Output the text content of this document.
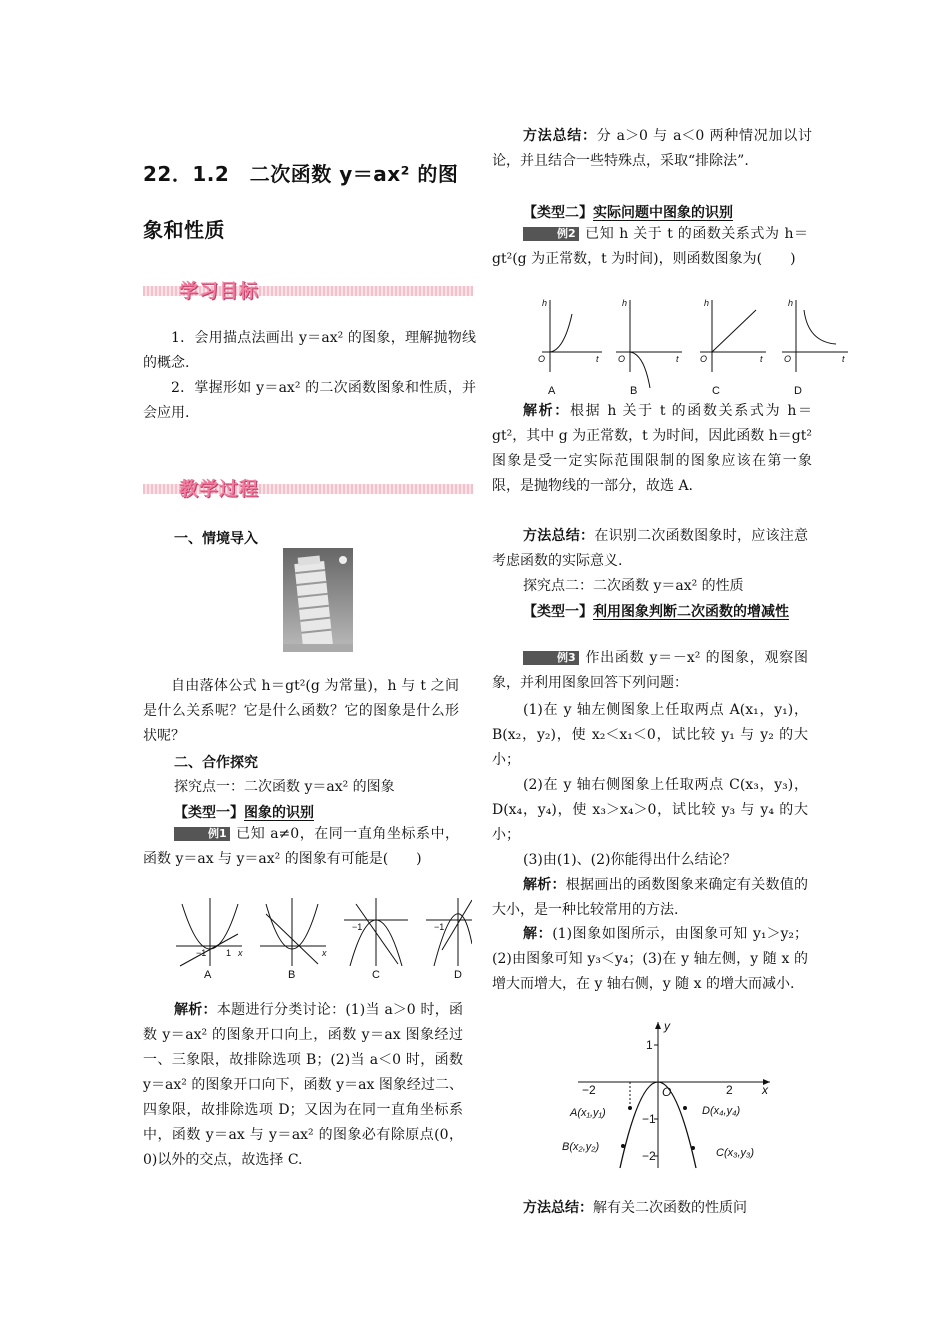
22．1.2　二次函数 y＝ax² 的图
象和性质
学习目标
1．会用描点法画出 y＝ax² 的图象，理解抛物线的概念.
2．掌握形如 y＝ax² 的二次函数图象和性质，并会应用.
教学过程
一、情境导入
自由落体公式 h＝gt²(g 为常量)，h 与 t 之间是什么关系呢？它是什么函数？它的图象是什么形状呢？
二、合作探究
探究点一：二次函数 y＝ax² 的图象
【类型一】图象的识别
例1 已知 a≠0，在同一直角坐标系中，函数 y＝ax 与 y＝ax² 的图象有可能是(　　)
A
−1 1 x
B
x
C
−1
D
−1
解析：本题进行分类讨论：(1)当 a＞0 时，函数 y＝ax² 的图象开口向上，函数 y＝ax 图象经过一、三象限，故排除选项 B；(2)当 a＜0 时，函数 y＝ax² 的图象开口向下，函数 y＝ax 图象经过二、四象限，故排除选项 D；又因为在同一直角坐标系中，函数 y＝ax 与 y＝ax² 的图象必有除原点(0，0)以外的交点，故选择 C.
方法总结：分 a＞0 与 a＜0 两种情况加以讨论，并且结合一些特殊点，采取“排除法”.
【类型二】实际问题中图象的识别
例2 已知 h 关于 t 的函数关系式为 h＝gt²(g 为正常数，t 为时间)，则函数图象为(　　)
A
h
O	t
B
h
O	t
C
h
O	t
D
h
O	t
解析：根据 h 关于 t 的函数关系式为 h＝gt²，其中 g 为正常数，t 为时间，因此函数 h＝gt² 图象是受一定实际范围限制的图象应该在第一象限，是抛物线的一部分，故选 A.
方法总结：在识别二次函数图象时，应该注意考虑函数的实际意义.
探究点二：二次函数 y＝ax² 的性质
【类型一】利用图象判断二次函数的增减性
例3 作出函数 y＝－x² 的图象，观察图象，并利用图象回答下列问题：
(1)在 y 轴左侧图象上任取两点 A(x₁，y₁)，B(x₂，y₂)，使 x₂＜x₁＜0，试比较 y₁ 与 y₂ 的大小；
(2)在 y 轴右侧图象上任取两点 C(x₃，y₃)，D(x₄，y₄)，使 x₃＞x₄＞0，试比较 y₃ 与 y₄ 的大小；
(3)由(1)、(2)你能得出什么结论？
解析：根据画出的函数图象来确定有关数值的大小，是一种比较常用的方法.
解：(1)图象如图所示，由图象可知 y₁＞y₂；(2)由图象可知 y₃＜y₄；(3)在 y 轴左侧，y 随 x 的增大而增大，在 y 轴右侧，y 随 x 的增大而减小.
−2	2 x
y
1
O
−1
−2
A(x₁,y₁)
B(x₂,y₂)
D(x₄,y₄)
C(x₃,y₃)
方法总结：解有关二次函数的性质问
